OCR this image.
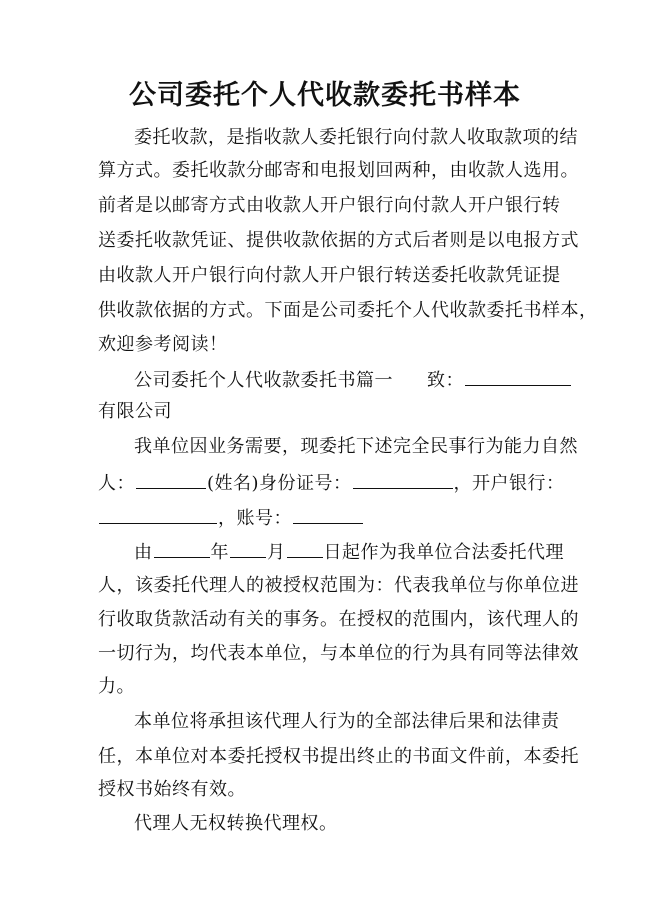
公司委托个人代收款委托书样本
委托收款，是指收款人委托银行向付款人收取款项的结
算方式。委托收款分邮寄和电报划回两种，由收款人选用。
前者是以邮寄方式由收款人开户银行向付款人开户银行转
送委托收款凭证、提供收款依据的方式后者则是以电报方式
由收款人开户银行向付款人开户银行转送委托收款凭证提
供收款依据的方式。下面是公司委托个人代收款委托书样本，
欢迎参考阅读！
公司委托个人代收款委托书篇一 致：
有限公司
我单位因业务需要，现委托下述完全民事行为能力自然
人：	(姓名)身份证号：	，开户银行：
，账号：
由	年 月 日起作为我单位合法委托代理
人，该委托代理人的被授权范围为：代表我单位与你单位进
行收取货款活动有关的事务。在授权的范围内，该代理人的
一切行为，均代表本单位，与本单位的行为具有同等法律效
力。
本单位将承担该代理人行为的全部法律后果和法律责
任，本单位对本委托授权书提出终止的书面文件前，本委托
授权书始终有效。
代理人无权转换代理权。
